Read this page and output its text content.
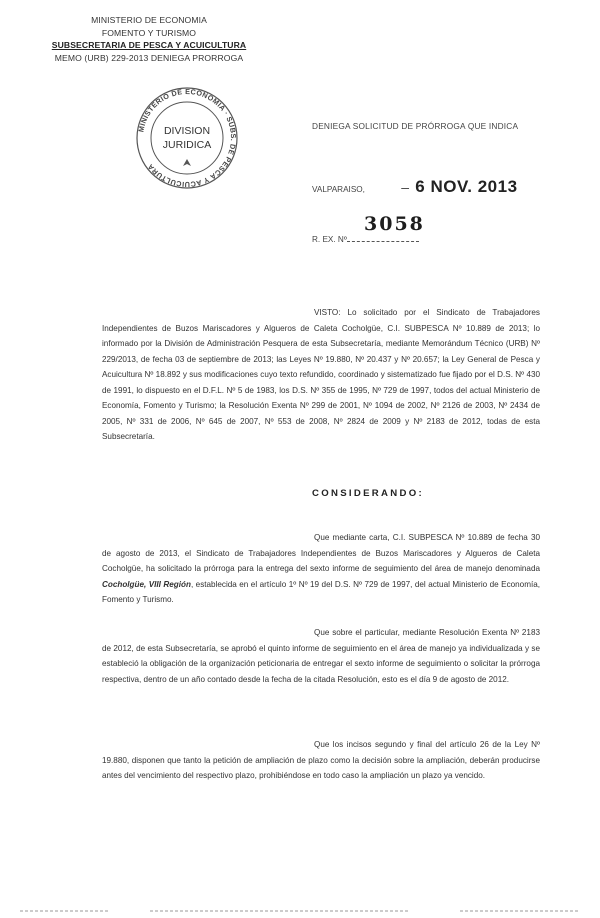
MINISTERIO DE ECONOMIA
FOMENTO Y TURISMO
SUBSECRETARIA DE PESCA Y ACUICULTURA
MEMO (URB) 229-2013 DENIEGA PRORROGA
MINISTERIO DE ECONOMIA · SUBS. DE PESCA Y ACUICULTURA
DIVISION
JURIDICA
DENIEGA SOLICITUD DE PRÓRROGA QUE INDICA
VALPARAISO,	– 6 NOV. 2013
R. EX. Nº
3058
VISTO: Lo solicitado por el Sindicato de Trabajadores Independientes de Buzos Mariscadores y Algueros de Caleta Cocholgüe, C.I. SUBPESCA Nº 10.889 de 2013; lo informado por la División de Administración Pesquera de esta Subsecretaría, mediante Memorándum Técnico (URB) Nº 229/2013, de fecha 03 de septiembre de 2013; las Leyes Nº 19.880, Nº 20.437 y Nº 20.657; la Ley General de Pesca y Acuicultura Nº 18.892 y sus modificaciones cuyo texto refundido, coordinado y sistematizado fue fijado por el D.S. Nº 430 de 1991, lo dispuesto en el D.F.L. Nº 5 de 1983, los D.S. Nº 355 de 1995, Nº 729 de 1997, todos del actual Ministerio de Economía, Fomento y Turismo; la Resolución Exenta Nº 299 de 2001, Nº 1094 de 2002, Nº 2126 de 2003, Nº 2434 de 2005, Nº 331 de 2006, Nº 645 de 2007, Nº 553 de 2008, Nº 2824 de 2009 y Nº 2183 de 2012, todas de esta Subsecretaría.
CONSIDERANDO:
Que mediante carta, C.I. SUBPESCA Nº 10.889 de fecha 30 de agosto de 2013, el Sindicato de Trabajadores Independientes de Buzos Mariscadores y Algueros de Caleta Cocholgüe, ha solicitado la prórroga para la entrega del sexto informe de seguimiento del área de manejo denominada Cocholgüe, VIII Región, establecida en el artículo 1º Nº 19 del D.S. Nº 729 de 1997, del actual Ministerio de Economía, Fomento y Turismo.
Que sobre el particular, mediante Resolución Exenta Nº 2183 de 2012, de esta Subsecretaría, se aprobó el quinto informe de seguimiento en el área de manejo ya individualizada y se estableció la obligación de la organización peticionaria de entregar el sexto informe de seguimiento o solicitar la prórroga respectiva, dentro de un año contado desde la fecha de la citada Resolución, esto es el día 9 de agosto de 2012.
Que los incisos segundo y final del artículo 26 de la Ley Nº 19.880, disponen que tanto la petición de ampliación de plazo como la decisión sobre la ampliación, deberán producirse antes del vencimiento del respectivo plazo, prohibiéndose en todo caso la ampliación un plazo ya vencido.
